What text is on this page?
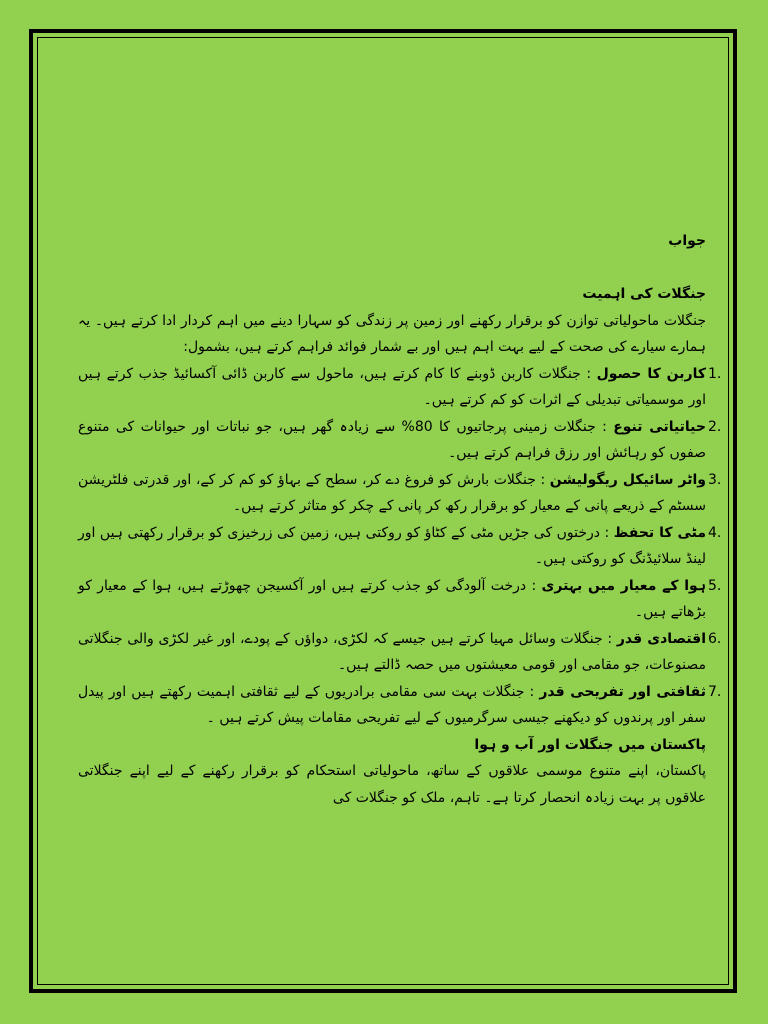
جواب

جنگلات کی اہمیت

جنگلات ماحولیاتی توازن کو برقرار رکھنے اور زمین پر زندگی کو سہارا دینے میں اہم کردار ادا کرتے ہیں۔ یہ ہمارے سیارے کی صحت کے لیے بہت اہم ہیں اور بے شمار فوائد فراہم کرتے ہیں، بشمول:

1.
کاربن کا حصول : جنگلات کاربن ڈوبنے کا کام کرتے ہیں، ماحول سے کاربن ڈائی آکسائیڈ جذب کرتے ہیں اور موسمیاتی تبدیلی کے اثرات کو کم کرتے ہیں۔
2.
حیاتیاتی تنوع : جنگلات زمینی پرجاتیوں کا 80% سے زیادہ گھر ہیں، جو نباتات اور حیوانات کی متنوع صفوں کو رہائش اور رزق فراہم کرتے ہیں۔
3.
واٹر سائیکل ریگولیشن : جنگلات بارش کو فروغ دے کر، سطح کے بہاؤ کو کم کر کے، اور قدرتی فلٹریشن سسٹم کے ذریعے پانی کے معیار کو برقرار رکھ کر پانی کے چکر کو متاثر کرتے ہیں۔
4.
مٹی کا تحفظ : درختوں کی جڑیں مٹی کے کٹاؤ کو روکتی ہیں، زمین کی زرخیزی کو برقرار رکھتی ہیں اور لینڈ سلائیڈنگ کو روکتی ہیں۔
5.
ہوا کے معیار میں بہتری : درخت آلودگی کو جذب کرتے ہیں اور آکسیجن چھوڑتے ہیں، ہوا کے معیار کو بڑھاتے ہیں۔
6.
اقتصادی قدر : جنگلات وسائل مہیا کرتے ہیں جیسے کہ لکڑی، دواؤں کے پودے، اور غیر لکڑی والی جنگلاتی مصنوعات، جو مقامی اور قومی معیشتوں میں حصہ ڈالتے ہیں۔
7.
ثقافتی اور تفریحی قدر : جنگلات بہت سی مقامی برادریوں کے لیے ثقافتی اہمیت رکھتے ہیں اور پیدل سفر اور پرندوں کو دیکھنے جیسی سرگرمیوں کے لیے تفریحی مقامات پیش کرتے ہیں ۔

پاکستان میں جنگلات اور آب و ہوا

پاکستان، اپنے متنوع موسمی علاقوں کے ساتھ، ماحولیاتی استحکام کو برقرار رکھنے کے لیے اپنے جنگلاتی علاقوں پر بہت زیادہ انحصار کرتا ہے۔ تاہم، ملک کو جنگلات کی
